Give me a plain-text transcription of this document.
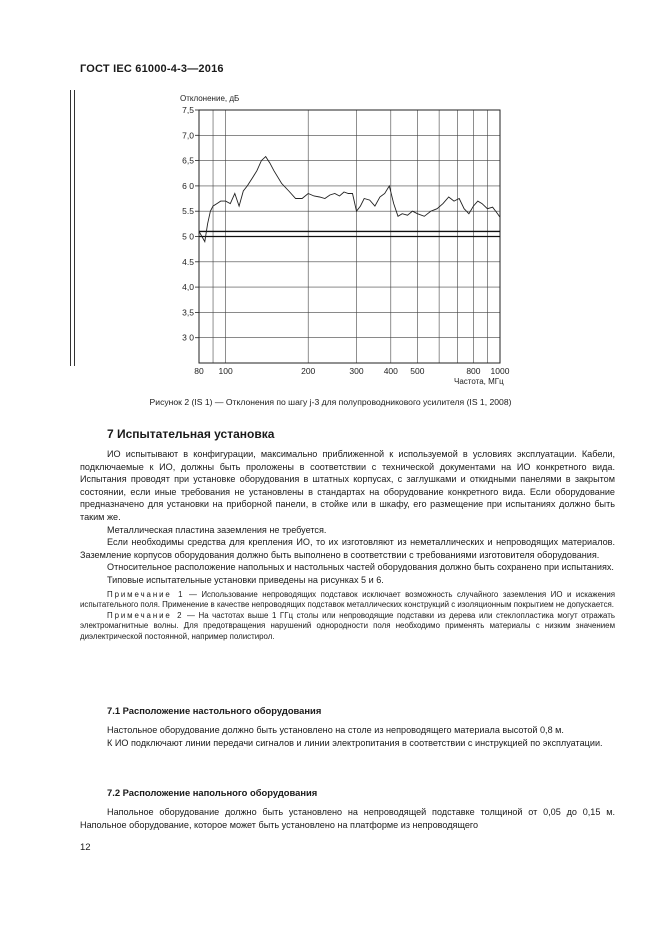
ГОСТ IEC 61000-4-3—2016
7,5
7,0
6,5
6 0
5.5
5 0
4.5
4,0
3,5
3 0
80 100	200	300 400 500	800 1000
Отклонение, дБ
Частота, МГц
Рисунок 2 (IS 1) — Отклонения по шагу j-3 для полупроводникового усилителя (IS 1, 2008)
7 Испытательная установка

ИО испытывают в конфигурации, максимально приближенной к используемой в условиях эксплуатации. Кабели, подключаемые к ИО, должны быть проложены в соответствии с технической документами на ИО конкретного вида. Испытания проводят при установке оборудования в штатных корпусах, с заглушками и откидными панелями в закрытом состоянии, если иные требования не установлены в стандартах на оборудование конкретного вида. Если оборудование предназначено для установки на приборной панели, в стойке или в шкафу, его размещение при испытаниях должно быть таким же.

Металлическая пластина заземления не требуется.

Если необходимы средства для крепления ИО, то их изготовляют из неметаллических и непроводящих материалов. Заземление корпусов оборудования должно быть выполнено в соответствии с требованиями изготовителя оборудования.

Относительное расположение напольных и настольных частей оборудования должно быть сохранено при испытаниях.

Типовые испытательные установки приведены на рисунках 5 и 6.

Примечание 1 — Использование непроводящих подставок исключает возможность случайного заземления ИО и искажения испытательного поля. Применение в качестве непроводящих подставок металлических конструкций с изоляционным покрытием не допускается.

Примечание 2 — На частотах выше 1 ГГц столы или непроводящие подставки из дерева или стеклопластика могут отражать электромагнитные волны. Для предотвращения нарушений однородности поля необходимо применять материалы с низким значением диэлектрической постоянной, например полистирол.

7.1 Расположение настольного оборудования

Настольное оборудование должно быть установлено на столе из непроводящего материала высотой 0,8 м.

К ИО подключают линии передачи сигналов и линии электропитания в соответствии с инструкцией по эксплуатации.

7.2 Расположение напольного оборудования

Напольное оборудование должно быть установлено на непроводящей подставке толщиной от 0,05 до 0,15 м. Напольное оборудование, которое может быть установлено на платформе из непроводящего

12
